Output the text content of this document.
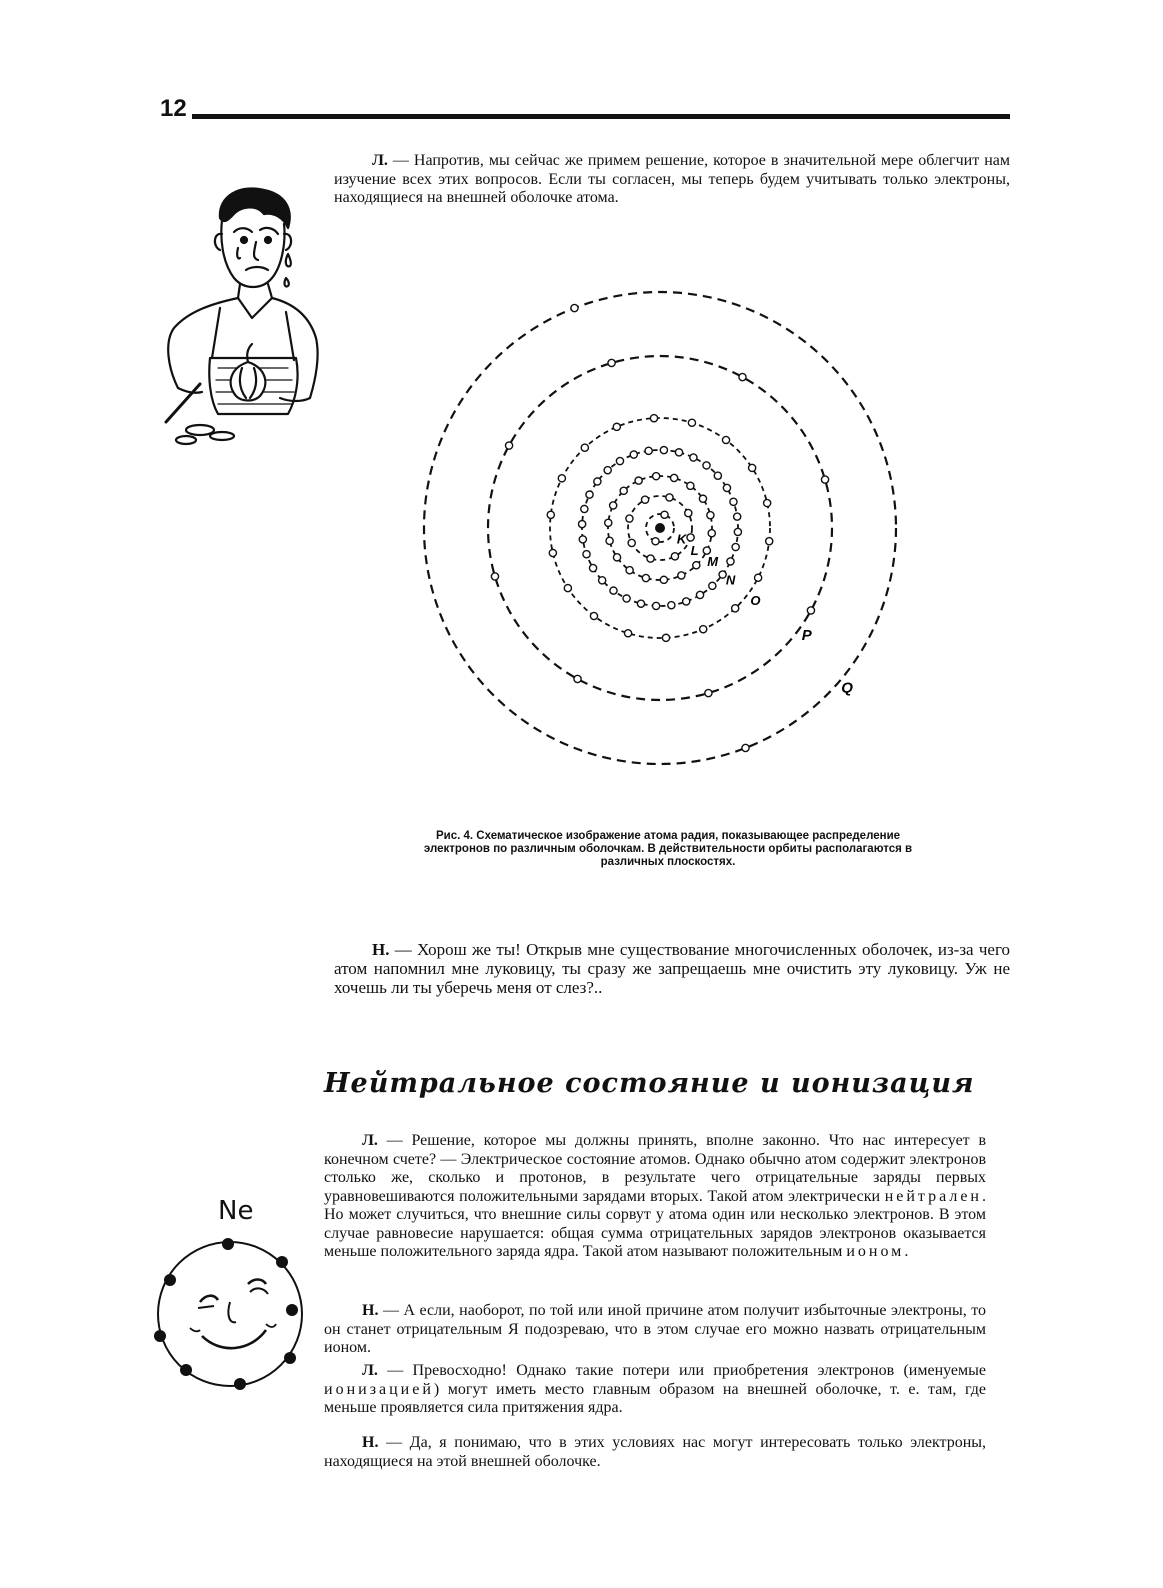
12

Л. — Напротив, мы сейчас же примем решение, которое в значительной мере облегчит нам изучение всех этих вопросов. Если ты согласен, мы теперь будем учитывать только электроны, находящиеся на внешней оболочке атома.

K
L
M
N
O
P
Q

Рис. 4. Схематическое изображение атома радия, показывающее распределение электронов по различным оболочкам. В действительности орбиты располагаются в различных плоскостях.

Н. — Хорош же ты! Открыв мне существование многочисленных оболочек, из-за чего атом напомнил мне луковицу, ты сразу же запрещаешь мне очистить эту луковицу. Уж не хочешь ли ты уберечь меня от слез?..

Нейтральное состояние и ионизация
Ne

Л. — Решение, которое мы должны принять, вполне законно. Что нас интересует в конечном счете? — Электрическое состояние атомов. Однако обычно атом содержит электронов столько же, сколько и протонов, в результате чего отрицательные заряды первых уравновешиваются положительными зарядами вторых. Такой атом электрически нейтрален. Но может случиться, что внешние силы сорвут у атома один или несколько электронов. В этом случае равновесие нарушается: общая сумма отрицательных зарядов электронов оказывается меньше положительного заряда ядра. Такой атом называют положительным ионом.

Н. — А если, наоборот, по той или иной причине атом получит избыточные электроны, то он станет отрицательным Я подозреваю, что в этом случае его можно назвать отрицательным ионом.

Л. — Превосходно! Однако такие потери или приобретения электронов (именуемые ионизацией) могут иметь место главным образом на внешней оболочке, т. е. там, где меньше проявляется сила притяжения ядра.

Н. — Да, я понимаю, что в этих условиях нас могут интересовать только электроны, находящиеся на этой внешней оболочке.
